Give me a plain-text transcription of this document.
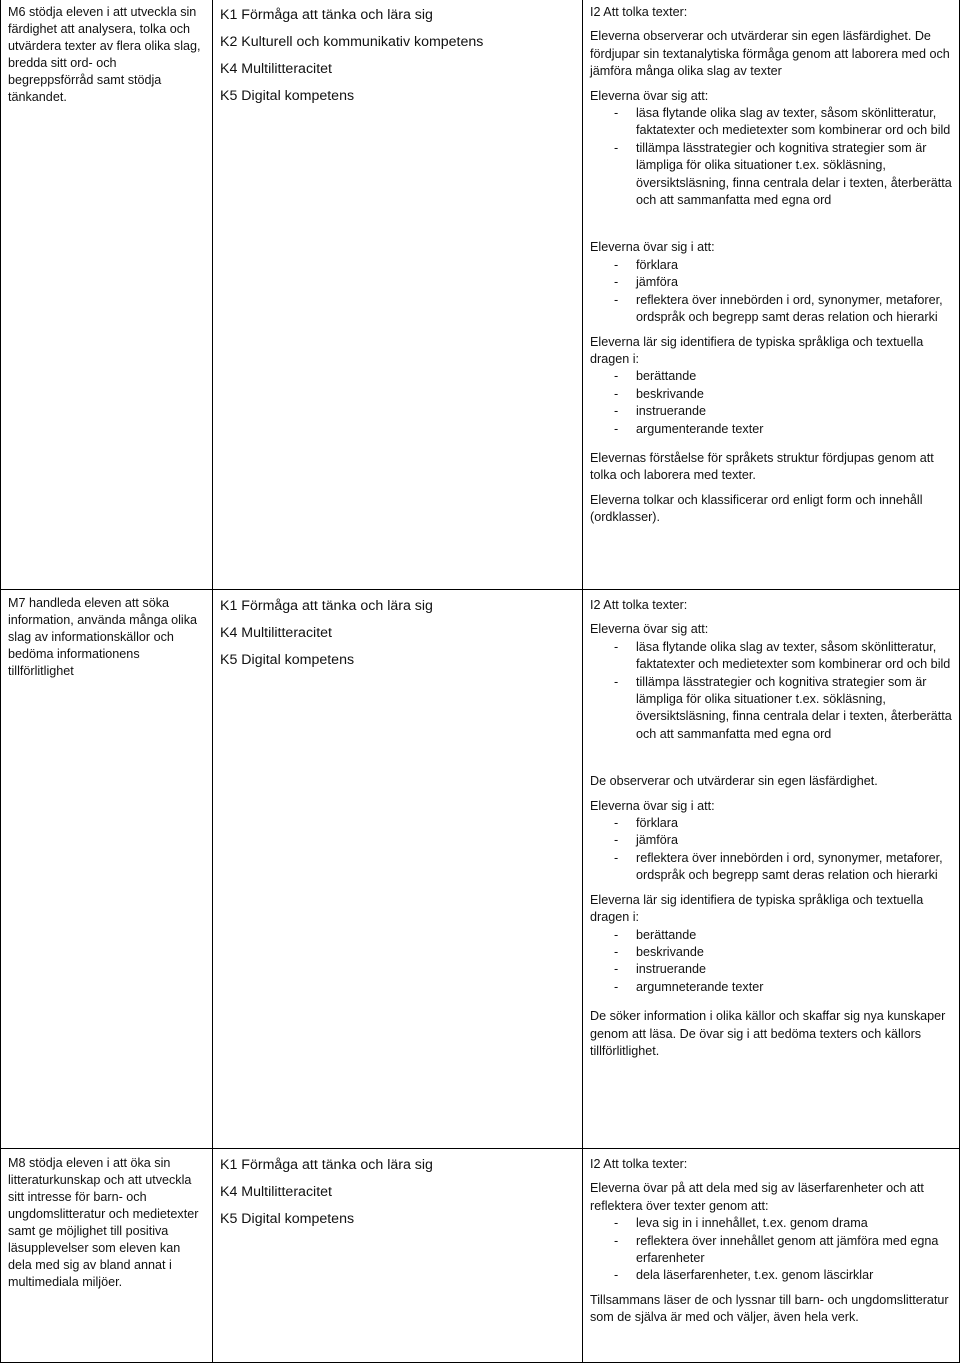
M6 stödja eleven i att utveckla sin färdighet att analysera, tolka och utvärdera texter av flera olika slag, bredda sitt ord- och begreppsförråd samt stödja tänkandet.

K1 Förmåga att tänka och lära sig
K2 Kulturell och kommunikativ kompetens
K4 Multilitteracitet
K5 Digital kompetens

I2 Att tolka texter:

Eleverna observerar och utvärderar sin egen läsfärdighet. De fördjupar sin textanalytiska förmåga genom att laborera med och jämföra många olika slag av texter

Eleverna övar sig att:

- läsa flytande olika slag av texter, såsom skönlitteratur, faktatexter och medietexter som kombinerar ord och bild
- tillämpa lässtrategier och kognitiva strategier som är lämpliga för olika situationer t.ex. sökläsning, översiktsläsning, finna centrala delar i texten, återberätta och att sammanfatta med egna ord

Eleverna övar sig i att:

- förklara
- jämföra
- reflektera över innebörden i ord, synonymer, metaforer, ordspråk och begrepp samt deras relation och hierarki

Eleverna lär sig identifiera de typiska språkliga och textuella dragen i:

- berättande
- beskrivande
- instruerande
- argumenterande texter

Elevernas förståelse för språkets struktur fördjupas genom att tolka och laborera med texter.

Eleverna tolkar och klassificerar ord enligt form och innehåll (ordklasser).

M7 handleda eleven att söka information, använda många olika slag av informationskällor och bedöma informationens tillförlitlighet

K1 Förmåga att tänka och lära sig
K4 Multilitteracitet
K5 Digital kompetens

I2 Att tolka texter:

Eleverna övar sig att:

- läsa flytande olika slag av texter, såsom skönlitteratur, faktatexter och medietexter som kombinerar ord och bild
- tillämpa lässtrategier och kognitiva strategier som är lämpliga för olika situationer t.ex. sökläsning, översiktsläsning, finna centrala delar i texten, återberätta och att sammanfatta med egna ord

De observerar och utvärderar sin egen läsfärdighet.

Eleverna övar sig i att:

- förklara
- jämföra
- reflektera över innebörden i ord, synonymer, metaforer, ordspråk och begrepp samt deras relation och hierarki

Eleverna lär sig identifiera de typiska språkliga och textuella dragen i:

- berättande
- beskrivande
- instruerande
- argumneterande texter

De söker information i olika källor och skaffar sig nya kunskaper genom att läsa. De övar sig i att bedöma texters och källors tillförlitlighet.

M8 stödja eleven i att öka sin litteraturkunskap och att utveckla sitt intresse för barn- och ungdomslitteratur och medietexter samt ge möjlighet till positiva läsupplevelser som eleven kan dela med sig av bland annat i multimediala miljöer.

K1 Förmåga att tänka och lära sig
K4 Multilitteracitet
K5 Digital kompetens

I2 Att tolka texter:

Eleverna övar på att dela med sig av läserfarenheter och att reflektera över texter genom att:

- leva sig in i innehållet, t.ex. genom drama
- reflektera över innehållet genom att jämföra med egna erfarenheter
- dela läserfarenheter, t.ex. genom läscirklar

Tillsammans läser de och lyssnar till barn- och ungdomslitteratur som de själva är med och väljer, även hela verk.
